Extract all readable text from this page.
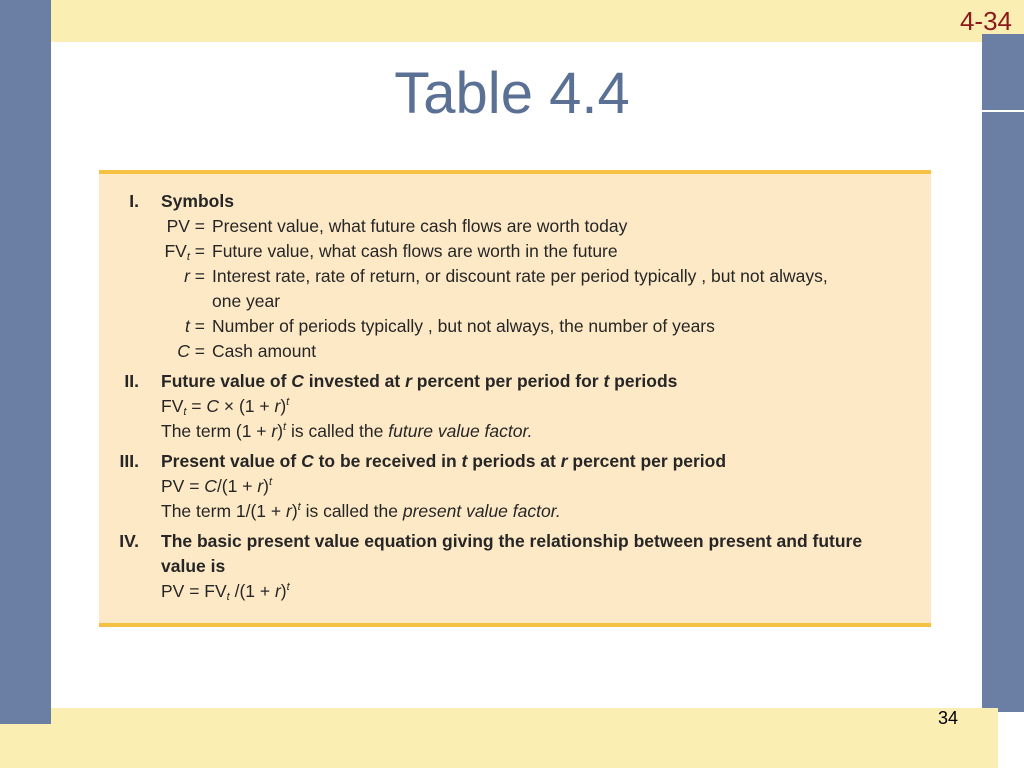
4-34
Table 4.4
I. Symbols
PV = Present value, what future cash flows are worth today
$FV_t$ = Future value, what cash flows are worth in the future
r = Interest rate, rate of return, or discount rate per period typically , but not always,
one year
t = Number of periods typically , but not always, the number of years
C = Cash amount
II. Future value of C invested at r percent per period for t periods
$FV_t = C \times (1 + r)^t$
The term $(1 + r)^t$ is called the future value factor.
III. Present value of C to be received in t periods at r percent per period
PV = $C/(1 + r)^t$
The term $1/(1 + r)^t$ is called the present value factor.
IV. The basic present value equation giving the relationship between present and future
value is
PV = $FV_t$ $/(1 + r)^t$
34
